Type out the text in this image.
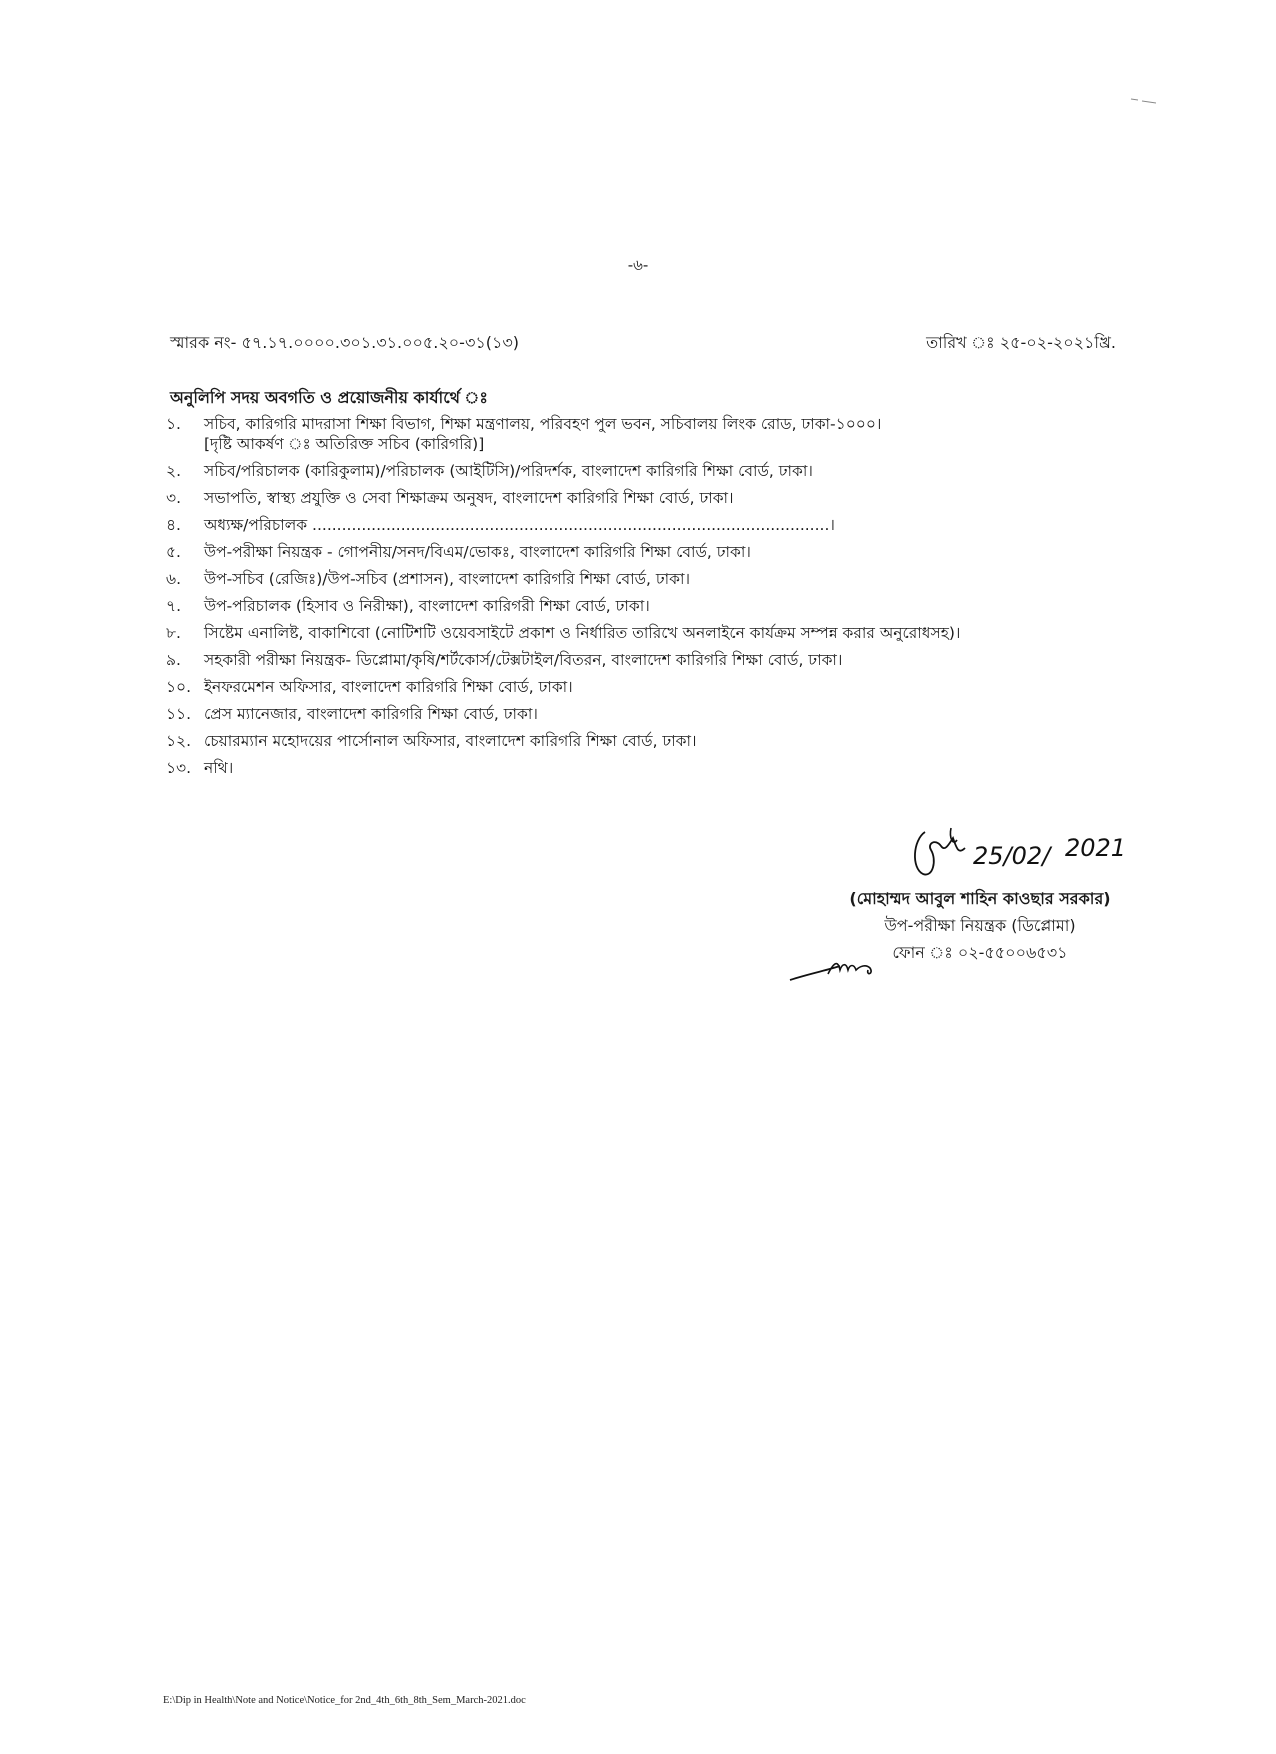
-৬-
স্মারক নং- ৫৭.১৭.০০০০.৩০১.৩১.০০৫.২০-৩১(১৩)	তারিখ ঃ ২৫-০২-২০২১খ্রি.
অনুলিপি সদয় অবগতি ও প্রয়োজনীয় কার্যার্থে ঃ
১.	সচিব, কারিগরি মাদরাসা শিক্ষা বিভাগ, শিক্ষা মন্ত্রণালয়, পরিবহণ পুল ভবন, সচিবালয় লিংক রোড, ঢাকা-১০০০।
[দৃষ্টি আকর্ষণ ঃ অতিরিক্ত সচিব (কারিগরি)]
২.	সচিব/পরিচালক (কারিকুলাম)/পরিচালক (আইটিসি)/পরিদর্শক, বাংলাদেশ কারিগরি শিক্ষা বোর্ড, ঢাকা।
৩.	সভাপতি, স্বাস্থ্য প্রযুক্তি ও সেবা শিক্ষাক্রম অনুষদ, বাংলাদেশ কারিগরি শিক্ষা বোর্ড, ঢাকা।
৪.	অধ্যক্ষ/পরিচালক .........................................................................................................।
৫.	উপ-পরীক্ষা নিয়ন্ত্রক - গোপনীয়/সনদ/বিএম/ভোকঃ, বাংলাদেশ কারিগরি শিক্ষা বোর্ড, ঢাকা।
৬.	উপ-সচিব (রেজিঃ)/উপ-সচিব (প্রশাসন), বাংলাদেশ কারিগরি শিক্ষা বোর্ড, ঢাকা।
৭.	উপ-পরিচালক (হিসাব ও নিরীক্ষা), বাংলাদেশ কারিগরী শিক্ষা বোর্ড, ঢাকা।
৮.	সিষ্টেম এনালিষ্ট, বাকাশিবো (নোটিশটি ওয়েবসাইটে প্রকাশ ও নির্ধারিত তারিখে অনলাইনে কার্যক্রম সম্পন্ন করার অনুরোধসহ)।
৯.	সহকারী পরীক্ষা নিয়ন্ত্রক- ডিপ্লোমা/কৃষি/শর্টকোর্স/টেক্সটাইল/বিতরন, বাংলাদেশ কারিগরি শিক্ষা বোর্ড, ঢাকা।
১০. ইনফরমেশন অফিসার, বাংলাদেশ কারিগরি শিক্ষা বোর্ড, ঢাকা।
১১. প্রেস ম্যানেজার, বাংলাদেশ কারিগরি শিক্ষা বোর্ড, ঢাকা।
১২. চেয়ারম্যান মহোদয়ের পার্সোনাল অফিসার, বাংলাদেশ কারিগরি শিক্ষা বোর্ড, ঢাকা।
১৩. নথি।
25/02/ 2021
(মোহাম্মদ আবুল শাহিন কাওছার সরকার)
উপ-পরীক্ষা নিয়ন্ত্রক (ডিপ্লোমা)
ফোন ঃ ০২-৫৫০০৬৫৩১
E:\Dip in Health\Note and Notice\Notice_for 2nd_4th_6th_8th_Sem_March-2021.doc
